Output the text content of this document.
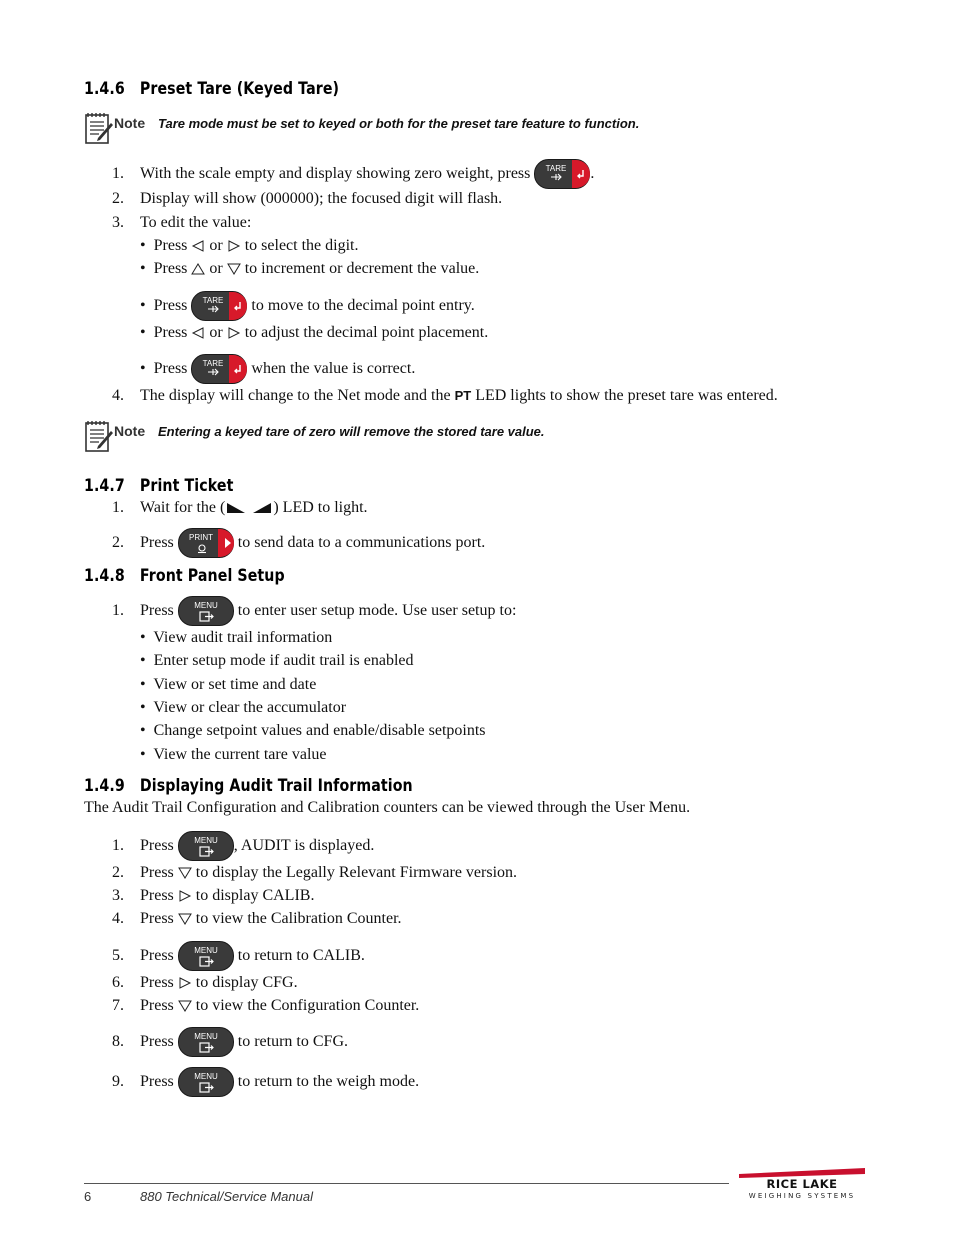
1.4.6 Preset Tare (Keyed Tare)
Note Tare mode must be set to keyed or both for the preset tare feature to function.
1. With the scale empty and display showing zero weight, press TARE .
2. Display will show (000000); the focused digit will flash.
3. To edit the value:
•  Press  or  to select the digit.
•  Press  or  to increment or decrement the value.
•  Press TARE to move to the decimal point entry.
•  Press  or  to adjust the decimal point placement.
•  Press TARE when the value is correct.
4. The display will change to the Net mode and the PT LED lights to show the preset tare was entered.
Note Entering a keyed tare of zero will remove the stored tare value.
1.4.7 Print Ticket
1. Wait for the (	) LED to light.
2. Press PRINT to send data to a communications port.
1.4.8 Front Panel Setup
1. Press MENU to enter user setup mode. Use user setup to:
•  View audit trail information
•  Enter setup mode if audit trail is enabled
•  View or set time and date
•  View or clear the accumulator
•  Change setpoint values and enable/disable setpoints
•  View the current tare value
1.4.9 Displaying Audit Trail Information
The Audit Trail Configuration and Calibration counters can be viewed through the User Menu.
1. Press MENU , AUDIT is displayed.
2. Press  to display the Legally Relevant Firmware version.
3. Press  to display CALIB.
4. Press  to view the Calibration Counter.
5. Press MENU to return to CALIB.
6. Press  to display CFG.
7. Press  to view the Configuration Counter.
8. Press MENU to return to CFG.
9. Press MENU to return to the weigh mode.
6	880 Technical/Service Manual
RICE LAKE
WEIGHING SYSTEMS
